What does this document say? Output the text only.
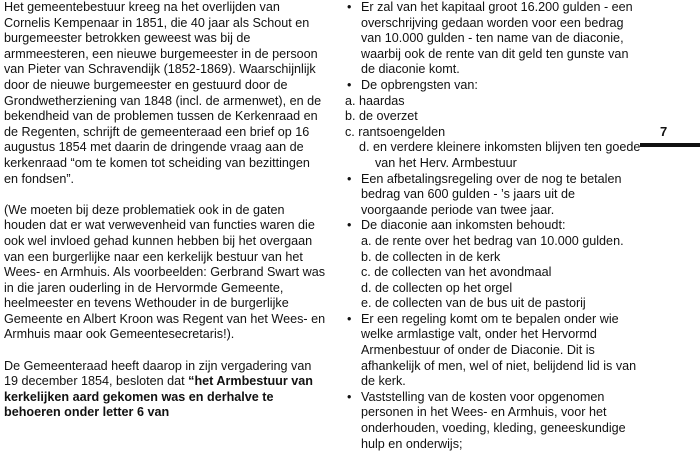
Het gemeentebestuur kreeg na het overlijden van Cornelis Kempenaar in 1851, die 40 jaar als Schout en burgemeester betrokken geweest was bij de armmeesteren, een nieuwe burgemeester in de persoon van Pieter van Schravendijk (1852-1869). Waarschijnlijk door de nieuwe burgemeester en gestuurd door de Grondwetherziening van 1848 (incl. de armenwet), en de bekendheid van de problemen tussen de Kerkenraad en de Regenten, schrijft de gemeenteraad een brief op 16 augustus 1854 met daarin de dringende vraag aan de kerkenraad “om te komen tot scheiding van bezittingen en fondsen”.

(We moeten bij deze problematiek ook in de gaten houden dat er wat verwevenheid van functies waren die ook wel invloed gehad kunnen hebben bij het overgaan van een burgerlijke naar een kerkelijk bestuur van het Wees- en Armhuis. Als voorbeelden: Gerbrand Swart was in die jaren ouderling in de Hervormde Gemeente, heelmeester en tevens Wethouder in de burgerlijke Gemeente en Albert Kroon was Regent van het Wees- en Armhuis maar ook Gemeentesecretaris!).

De Gemeenteraad heeft daarop in zijn vergadering van 19 december 1854, besloten dat “het Armbestuur van kerkelijken aard gekomen was en derhalve te behoeren onder letter 6 van

• Er zal van het kapitaal groot 16.200 gulden - een overschrijving gedaan worden voor een bedrag van 10.000 gulden - ten name van de diaconie, waarbij ook de rente van dit geld ten gunste van de diaconie komt.

• De opbrengsten van:

a. haardas

b. de overzet

c. rantsoengelden

d. en verdere kleinere inkomsten blijven ten goede van het Herv. Armbestuur

• Een afbetalingsregeling over de nog te betalen bedrag van 600 gulden - ’s jaars uit de voorgaande periode van twee jaar.

• De diaconie aan inkomsten behoudt:

a. de rente over het bedrag van 10.000 gulden.

b. de collecten in de kerk

c. de collecten van het avondmaal

d. de collecten op het orgel

e. de collecten van de bus uit de pastorij

• Er een regeling komt om te bepalen onder wie welke armlastige valt, onder het Hervormd Armenbestuur of onder de Diaconie. Dit is afhankelijk of men, wel of niet, belijdend lid is van de kerk.

• Vaststelling van de kosten voor opgenomen personen in het Wees- en Armhuis, voor het onderhouden, voeding, kleding, geneeskundige hulp en onderwijs;

7
